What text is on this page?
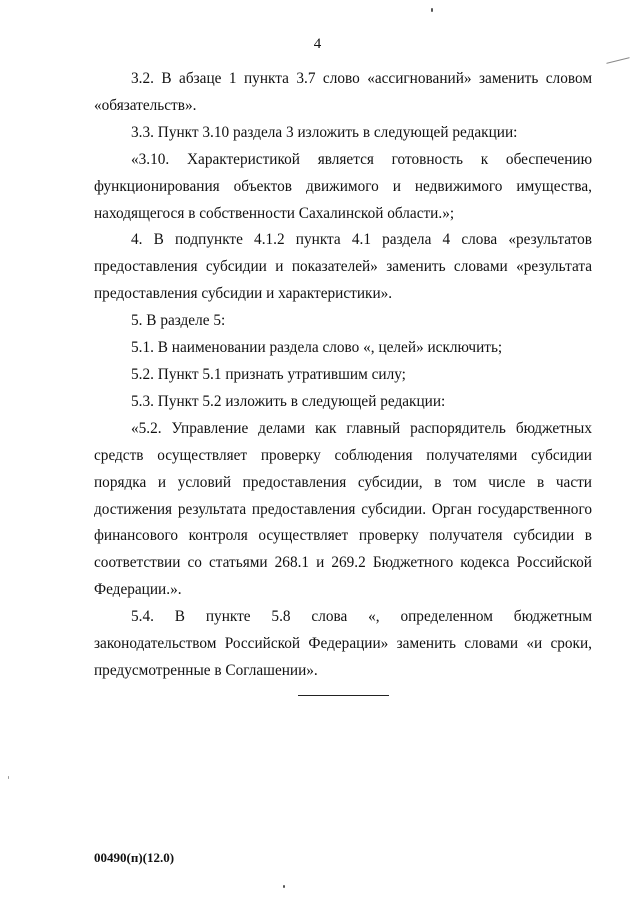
4

3.2. В абзаце 1 пункта 3.7 слово «ассигнований» заменить словом «обязательств».

3.3. Пункт 3.10 раздела 3 изложить в следующей редакции:

«3.10. Характеристикой является готовность к обеспечению функционирования объектов движимого и недвижимого имущества, находящегося в собственности Сахалинской области.»;

4. В подпункте 4.1.2 пункта 4.1 раздела 4 слова «результатов предоставления субсидии и показателей» заменить словами «результата предоставления субсидии и характеристики».

5. В разделе 5:

5.1. В наименовании раздела слово «, целей» исключить;

5.2. Пункт 5.1 признать утратившим силу;

5.3. Пункт 5.2 изложить в следующей редакции:

«5.2. Управление делами как главный распорядитель бюджетных средств осуществляет проверку соблюдения получателями субсидии порядка и условий предоставления субсидии, в том числе в части достижения результата предоставления субсидии. Орган государственного финансового контроля осуществляет проверку получателя субсидии в соответствии со статьями 268.1 и 269.2 Бюджетного кодекса Российской Федерации.».

5.4. В пункте 5.8 слова «, определенном бюджетным законодательством Российской Федерации» заменить словами «и сроки, предусмотренные в Соглашении».

00490(п)(12.0)
